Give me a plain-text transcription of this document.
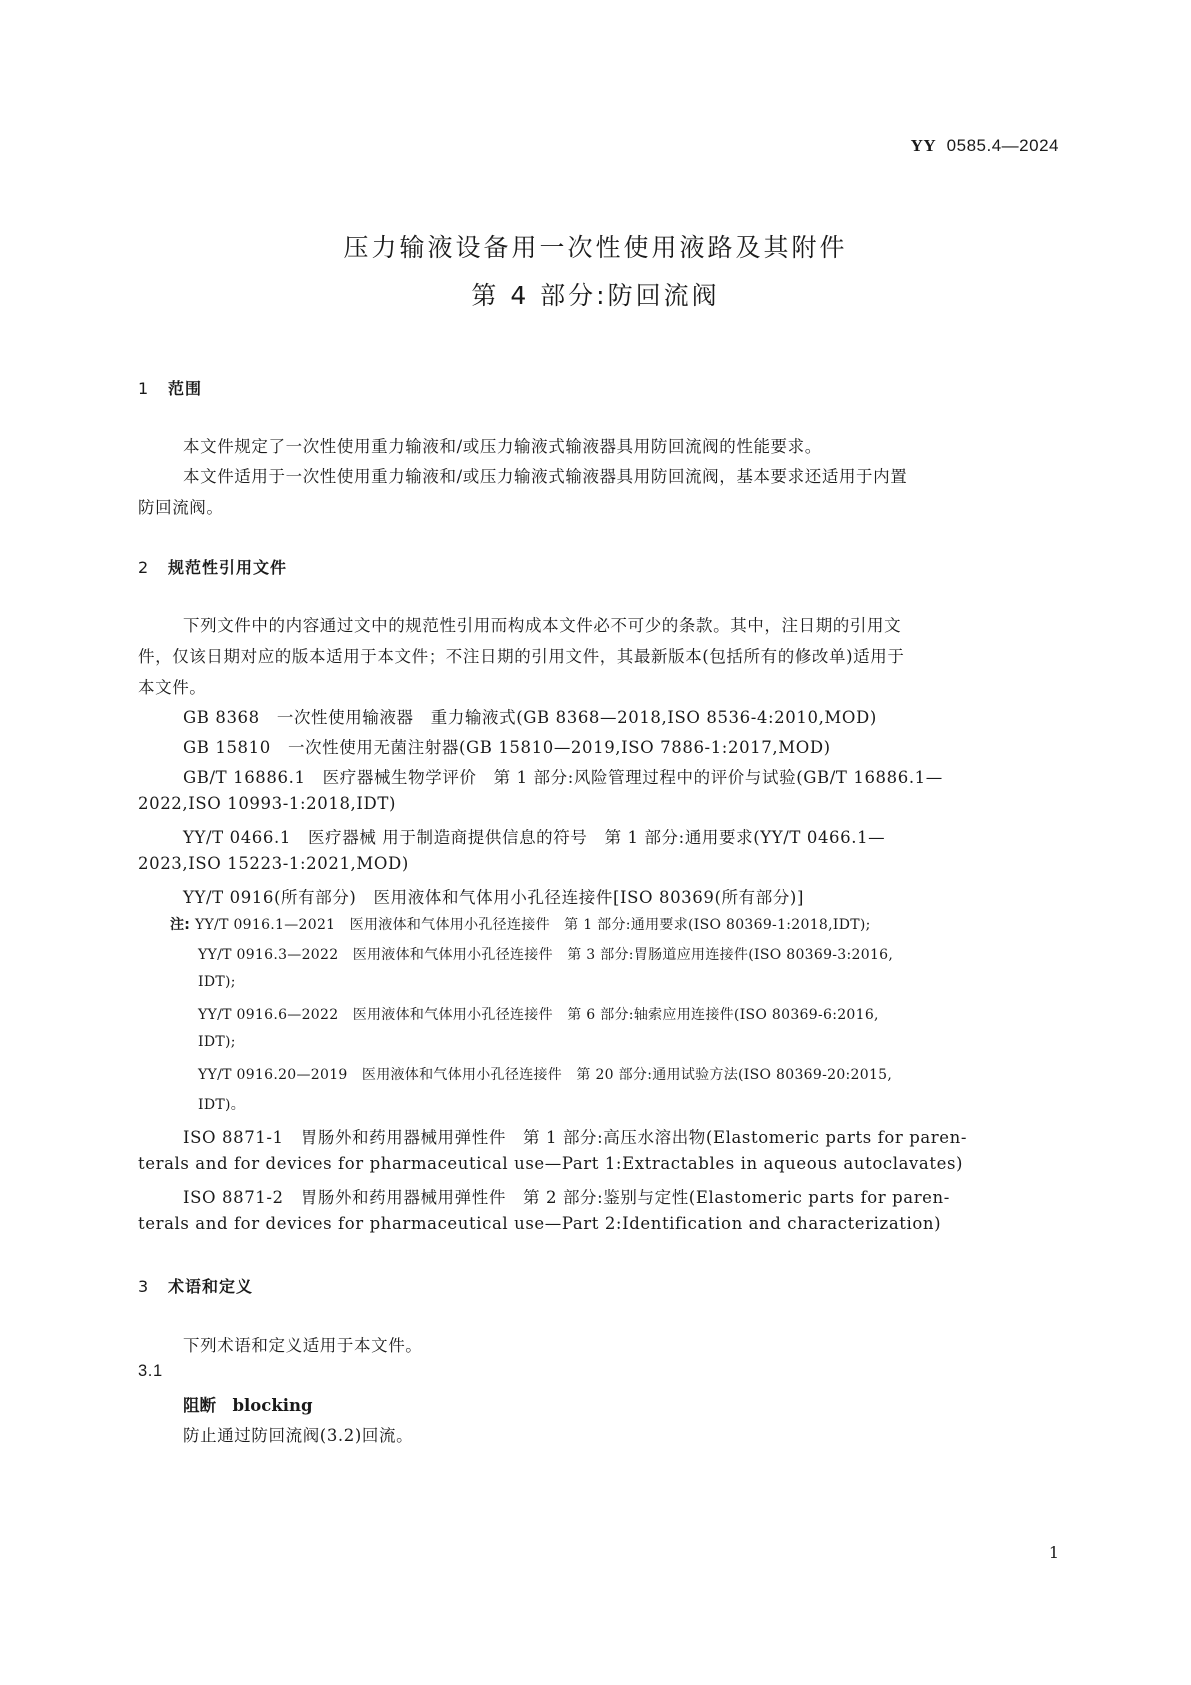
YY 0585.4—2024
压力输液设备用一次性使用液路及其附件
第 4 部分:防回流阀
1 范围
本文件规定了一次性使用重力输液和/或压力输液式输液器具用防回流阀的性能要求。
本文件适用于一次性使用重力输液和/或压力输液式输液器具用防回流阀，基本要求还适用于内置
防回流阀。
2 规范性引用文件
下列文件中的内容通过文中的规范性引用而构成本文件必不可少的条款。其中，注日期的引用文
件，仅该日期对应的版本适用于本文件；不注日期的引用文件，其最新版本(包括所有的修改单)适用于
本文件。
GB 8368　一次性使用输液器　重力输液式(GB 8368—2018,ISO 8536-4:2010,MOD)
GB 15810　一次性使用无菌注射器(GB 15810—2019,ISO 7886-1:2017,MOD)
GB/T 16886.1　医疗器械生物学评价　第 1 部分:风险管理过程中的评价与试验(GB/T 16886.1—
2022,ISO 10993-1:2018,IDT)
YY/T 0466.1　医疗器械 用于制造商提供信息的符号　第 1 部分:通用要求(YY/T 0466.1—
2023,ISO 15223-1:2021,MOD)
YY/T 0916(所有部分)　医用液体和气体用小孔径连接件[ISO 80369(所有部分)]
注: YY/T 0916.1—2021　医用液体和气体用小孔径连接件　第 1 部分:通用要求(ISO 80369-1:2018,IDT);
YY/T 0916.3—2022　医用液体和气体用小孔径连接件　第 3 部分:胃肠道应用连接件(ISO 80369-3:2016,
IDT);
YY/T 0916.6—2022　医用液体和气体用小孔径连接件　第 6 部分:轴索应用连接件(ISO 80369-6:2016,
IDT);
YY/T 0916.20—2019　医用液体和气体用小孔径连接件　第 20 部分:通用试验方法(ISO 80369-20:2015,
IDT)。
ISO 8871-1　胃肠外和药用器械用弹性件　第 1 部分:高压水溶出物(Elastomeric parts for paren-
terals and for devices for pharmaceutical use—Part 1:Extractables in aqueous autoclavates)
ISO 8871-2　胃肠外和药用器械用弹性件　第 2 部分:鉴别与定性(Elastomeric parts for paren-
terals and for devices for pharmaceutical use—Part 2:Identification and characterization)
3 术语和定义
下列术语和定义适用于本文件。
3.1
阻断　blocking
防止通过防回流阀(3.2)回流。
1
